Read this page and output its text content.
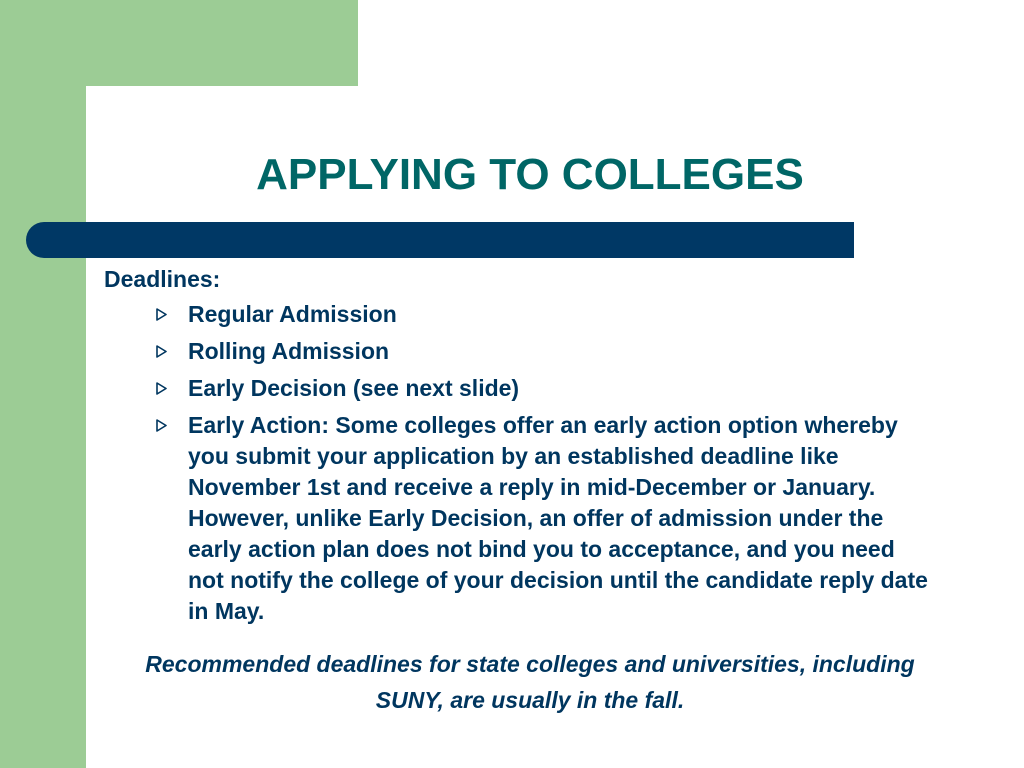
APPLYING TO COLLEGES

Deadlines:

Regular Admission
Rolling Admission
Early Decision (see next slide)
Early Action: Some colleges offer an early action option whereby you submit your application by an established deadline like November 1st and receive a reply in mid-December or January. However, unlike Early Decision, an offer of admission under the early action plan does not bind you to acceptance, and you need not notify the college of your decision until the candidate reply date in May.

Recommended deadlines for state colleges and universities, including SUNY, are usually in the fall.
